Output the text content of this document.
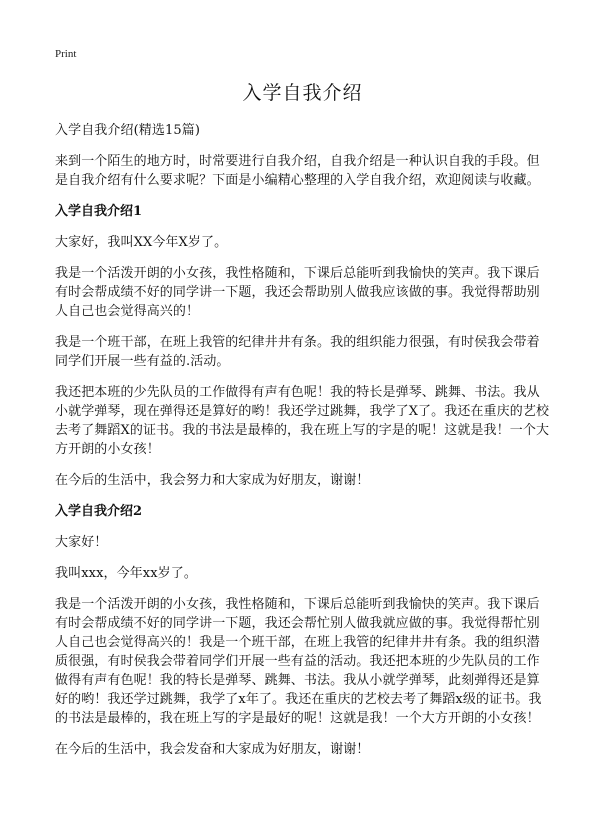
Print
入学自我介绍

入学自我介绍(精选15篇)

来到一个陌生的地方时，时常要进行自我介绍，自我介绍是一种认识自我的手段。但是自我介绍有什么要求呢？下面是小编精心整理的入学自我介绍，欢迎阅读与收藏。

入学自我介绍1

大家好，我叫XX今年X岁了。

我是一个活泼开朗的小女孩，我性格随和，下课后总能听到我愉快的笑声。我下课后有时会帮成绩不好的同学讲一下题，我还会帮助别人做我应该做的事。我觉得帮助别人自己也会觉得高兴的！

我是一个班干部，在班上我管的纪律井井有条。我的组织能力很强，有时侯我会带着同学们开展一些有益的.活动。

我还把本班的少先队员的工作做得有声有色呢！我的特长是弹琴、跳舞、书法。我从小就学弹琴，现在弹得还是算好的哟！我还学过跳舞，我学了X了。我还在重庆的艺校去考了舞蹈X的证书。我的书法是最棒的，我在班上写的字是的呢！这就是我！一个大方开朗的小女孩！

在今后的生活中，我会努力和大家成为好朋友，谢谢！

入学自我介绍2

大家好！

我叫xxx，今年xx岁了。

我是一个活泼开朗的小女孩，我性格随和，下课后总能听到我愉快的笑声。我下课后有时会帮成绩不好的同学讲一下题，我还会帮忙别人做我就应做的事。我觉得帮忙别人自己也会觉得高兴的！我是一个班干部，在班上我管的纪律井井有条。我的组织潜质很强，有时侯我会带着同学们开展一些有益的活动。我还把本班的少先队员的工作做得有声有色呢！我的特长是弹琴、跳舞、书法。我从小就学弹琴，此刻弹得还是算好的哟！我还学过跳舞，我学了x年了。我还在重庆的艺校去考了舞蹈x级的证书。我的书法是最棒的，我在班上写的字是最好的呢！这就是我！一个大方开朗的小女孩！

在今后的生活中，我会发奋和大家成为好朋友，谢谢！
